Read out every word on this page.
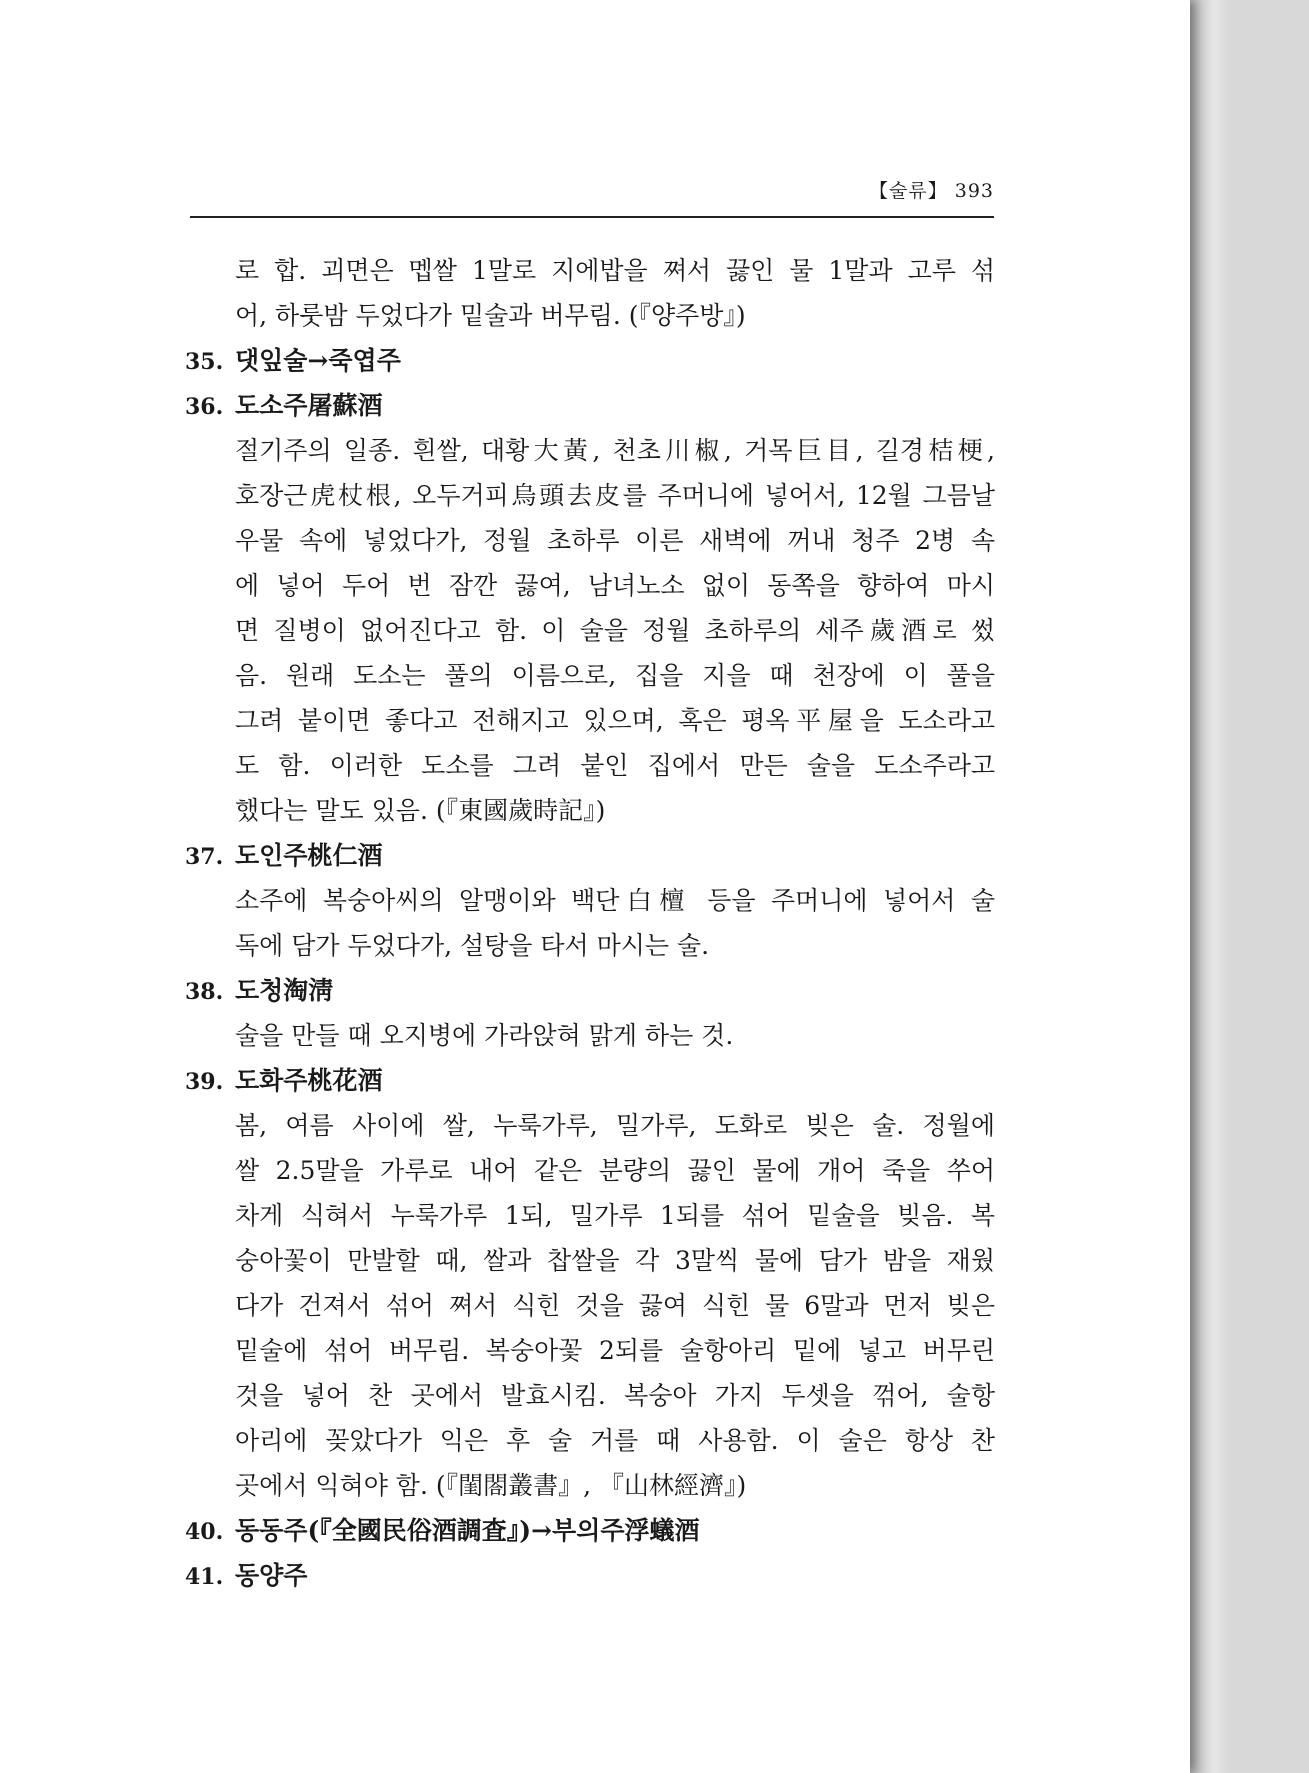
【술류】 393
로 합. 괴면은 멥쌀 1말로 지에밥을 쪄서 끓인 물 1말과 고루 섞
어, 하룻밤 두었다가 밑술과 버무림. (『양주방』)
35. 댓잎술→죽엽주
36. 도소주屠蘇酒
절기주의 일종. 흰쌀, 대황大黃, 천초川椒, 거목巨目, 길경桔梗,
호장근虎杖根, 오두거피烏頭去皮를 주머니에 넣어서, 12월 그믐날
우물 속에 넣었다가, 정월 초하루 이른 새벽에 꺼내 청주 2병 속
에 넣어 두어 번 잠깐 끓여, 남녀노소 없이 동쪽을 향하여 마시
면 질병이 없어진다고 함. 이 술을 정월 초하루의 세주歲酒로 썼
음. 원래 도소는 풀의 이름으로, 집을 지을 때 천장에 이 풀을
그려 붙이면 좋다고 전해지고 있으며, 혹은 평옥平屋을 도소라고
도 함. 이러한 도소를 그려 붙인 집에서 만든 술을 도소주라고
했다는 말도 있음. (『東國歲時記』)
37. 도인주桃仁酒
소주에 복숭아씨의 알맹이와 백단白檀 등을 주머니에 넣어서 술
독에 담가 두었다가, 설탕을 타서 마시는 술.
38. 도청淘淸
술을 만들 때 오지병에 가라앉혀 맑게 하는 것.
39. 도화주桃花酒
봄, 여름 사이에 쌀, 누룩가루, 밀가루, 도화로 빚은 술. 정월에
쌀 2.5말을 가루로 내어 같은 분량의 끓인 물에 개어 죽을 쑤어
차게 식혀서 누룩가루 1되, 밀가루 1되를 섞어 밑술을 빚음. 복
숭아꽃이 만발할 때, 쌀과 찹쌀을 각 3말씩 물에 담가 밤을 재웠
다가 건져서 섞어 쪄서 식힌 것을 끓여 식힌 물 6말과 먼저 빚은
밑술에 섞어 버무림. 복숭아꽃 2되를 술항아리 밑에 넣고 버무린
것을 넣어 찬 곳에서 발효시킴. 복숭아 가지 두셋을 꺾어, 술항
아리에 꽂았다가 익은 후 술 거를 때 사용함. 이 술은 항상 찬
곳에서 익혀야 함. (『閨閤叢書』, 『山林經濟』)
40. 동동주(『全國民俗酒調査』)→부의주浮蟻酒
41. 동양주
